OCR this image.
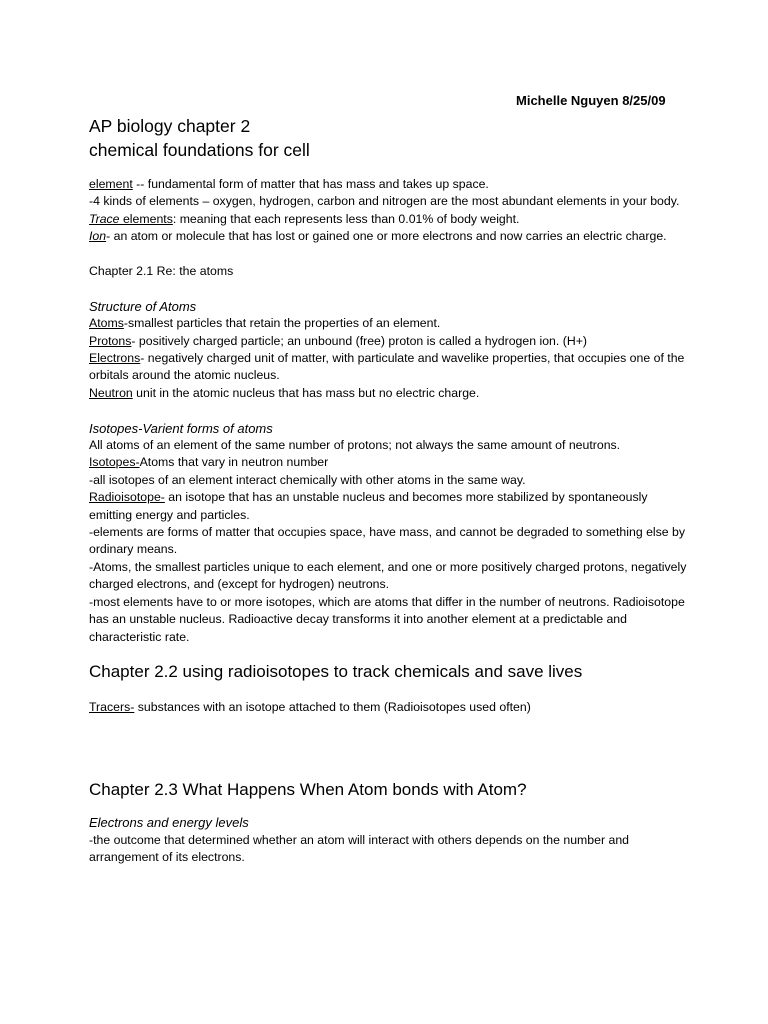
Michelle Nguyen 8/25/09
AP biology chapter 2
chemical foundations for cell

element -- fundamental form of matter that has mass and takes up space.

-4 kinds of elements – oxygen, hydrogen, carbon and nitrogen are the most abundant elements in your body.

Trace elements: meaning that each represents less than 0.01% of body weight.

Ion- an atom or molecule that has lost or gained one or more electrons and now carries an electric charge.

Chapter 2.1 Re: the atoms

Structure of Atoms

Atoms-smallest particles that retain the properties of an element.

Protons- positively charged particle; an unbound (free) proton is called a hydrogen ion. (H+)

Electrons- negatively charged unit of matter, with particulate and wavelike properties, that occupies one of the orbitals around the atomic nucleus.

Neutron unit in the atomic nucleus that has mass but no electric charge.

Isotopes-Varient forms of atoms

All atoms of an element of the same number of protons; not always the same amount of neutrons.

Isotopes-Atoms that vary in neutron number

-all isotopes of an element interact chemically with other atoms in the same way.

Radioisotope- an isotope that has an unstable nucleus and becomes more stabilized by spontaneously emitting energy and particles.

-elements are forms of matter that occupies space, have mass, and cannot be degraded to something else by ordinary means.

-Atoms, the smallest particles unique to each element, and one or more positively charged protons, negatively charged electrons, and (except for hydrogen) neutrons.

-most elements have to or more isotopes, which are atoms that differ in the number of neutrons. Radioisotope has an unstable nucleus. Radioactive decay transforms it into another element at a predictable and characteristic rate.

Chapter 2.2 using radioisotopes to track chemicals and save lives

Tracers- substances with an isotope attached to them (Radioisotopes used often)

Chapter 2.3 What Happens When Atom bonds with Atom?

Electrons and energy levels

-the outcome that determined whether an atom will interact with others depends on the number and arrangement of its electrons.
